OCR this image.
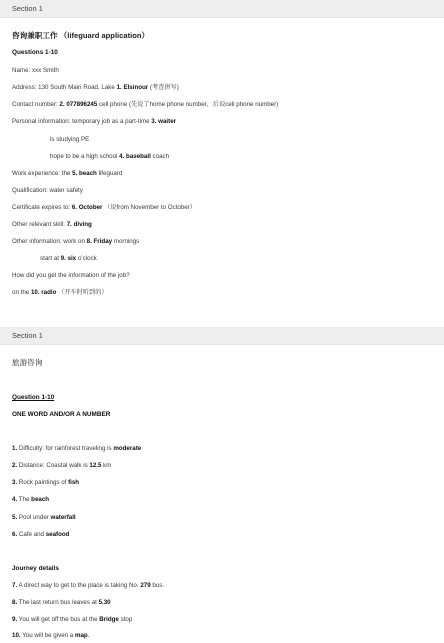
Section 1
咨询兼职工作 （lifeguard application）
Questions 1-10
Name: xxx Smith
Address: 130 South Main Road, Lake 1. Elsinour (考查拼写)
Contact number: 2. 077896245 cell phone (先说了home phone number，后说cell phone number)
Personal information: temporary job as a part-time 3. waiter
is studying PE
hope to be a high school 4. baseball coach
Work experience: the 5. beach lifeguard
Qualification: water safety
Certificate expires to: 6. October （说from November to October）
Other relevant skill: 7. diving
Other information: work on 8. Friday mornings
start at 9. six o’clock
How did you get the information of the job?
on the 10. radio （开车时听到的）
Section 1
旅游咨询
Question 1-10
ONE WORD AND/OR A NUMBER
1. Difficulty: for rainforest traveling is moderate
2. Distance: Coastal walk is 12.5 km
3. Rock paintings of fish
4. The beach
5. Pool under waterfall
6. Cafe and seafood
Journey details
7. A direct way to get to the place is taking No. 279 bus.
8. The last return bus leaves at 5.30
9. You will get off the bus at the Bridge stop
10. You will be given a map.
